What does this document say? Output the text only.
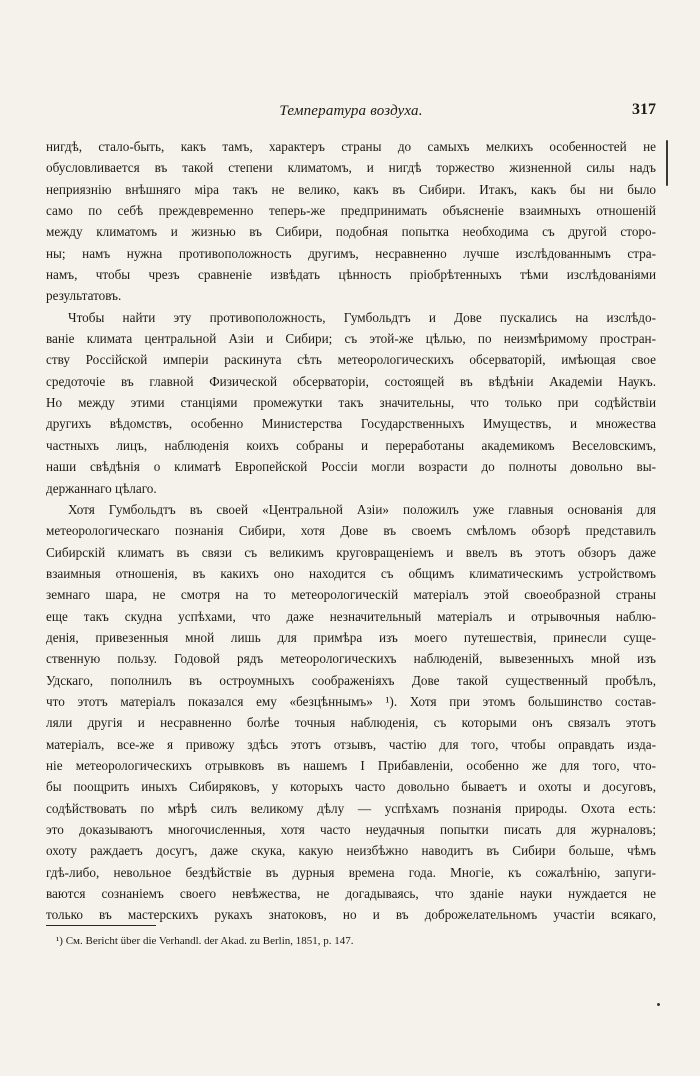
Температура воздуха.	317
нигдѣ, стало-быть, какъ тамъ, характеръ страны до самыхъ мелкихъ особенностей не
обусловливается въ такой степени климатомъ, и нигдѣ торжество жизненной силы надъ
неприязнію внѣшняго міра такъ не велико, какъ въ Сибири. Итакъ, какъ бы ни было
само по себѣ преждевременно теперь-же предпринимать объясненіе взаимныхъ отношеній
между климатомъ и жизнью въ Сибири, подобная попытка необходима съ другой сторо-
ны; намъ нужна противоположность другимъ, несравненно лучше изслѣдованнымъ стра-
намъ, чтобы чрезъ сравненіе извѣдать цѣнность пріобрѣтенныхъ тѣми изслѣдованіями
результатовъ.
Чтобы найти эту противоположность, Гумбольдтъ и Дове пускались на изслѣдо-
ваніе климата центральной Азіи и Сибири; съ этой-же цѣлью, по неизмѣримому простран-
ству Россійской имперіи раскинута сѣть метеорологическихъ обсерваторій, имѣющая свое
средоточіе въ главной Физической обсерваторіи, состоящей въ вѣдѣніи Академіи Наукъ.
Но между этими станціями промежутки такъ значительны, что только при содѣйствіи
другихъ вѣдомствъ, особенно Министерства Государственныхъ Имуществъ, и множества
частныхъ лицъ, наблюденія коихъ собраны и переработаны академикомъ Веселовскимъ,
наши свѣдѣнія о климатѣ Европейской Россіи могли возрасти до полноты довольно вы-
держаннаго цѣлаго.
Хотя Гумбольдтъ въ своей «Центральной Азіи» положилъ уже главныя основанія для
метеорологическаго познанія Сибири, хотя Дове въ своемъ смѣломъ обзорѣ представилъ
Сибирскій климатъ въ связи съ великимъ круговращеніемъ и ввелъ въ этотъ обзоръ даже
взаимныя отношенія, въ какихъ оно находится съ общимъ климатическимъ устройствомъ
земнаго шара, не смотря на то метеорологическій матеріалъ этой своеобразной страны
еще такъ скудна успѣхами, что даже незначительный матеріалъ и отрывочныя наблю-
денія, привезенныя мной лишь для примѣра изъ моего путешествія, принесли суще-
ственную пользу. Годовой рядъ метеорологическихъ наблюденій, вывезенныхъ мной изъ
Удскаго, пополнилъ въ остроумныхъ соображеніяхъ Дове такой существенный пробѣлъ,
что этотъ матеріалъ показался ему «безцѣннымъ» ¹). Хотя при этомъ большинство состав-
ляли другія и несравненно болѣе точныя наблюденія, съ которыми онъ связалъ этотъ
матеріалъ, все-же я привожу здѣсь этотъ отзывъ, частію для того, чтобы оправдать изда-
ніе метеорологическихъ отрывковъ въ нашемъ I Прибавленіи, особенно же для того, что-
бы поощрить иныхъ Сибиряковъ, у которыхъ часто довольно бываетъ и охоты и досуговъ,
содѣйствовать по мѣрѣ силъ великому дѣлу — успѣхамъ познанія природы. Охота есть:
это доказываютъ многочисленныя, хотя часто неудачныя попытки писать для журналовъ;
охоту раждаетъ досугъ, даже скука, какую неизбѣжно наводитъ въ Сибири больше, чѣмъ
гдѣ-либо, невольное бездѣйствіе въ дурныя времена года. Многіе, къ сожалѣнію, запуги-
ваются сознаніемъ своего невѣжества, не догадываясь, что зданіе науки нуждается не
только въ мастерскихъ рукахъ знатоковъ, но и въ доброжелательномъ участіи всякаго,
¹) См. Bericht über die Verhandl. der Akad. zu Berlin, 1851, p. 147.
